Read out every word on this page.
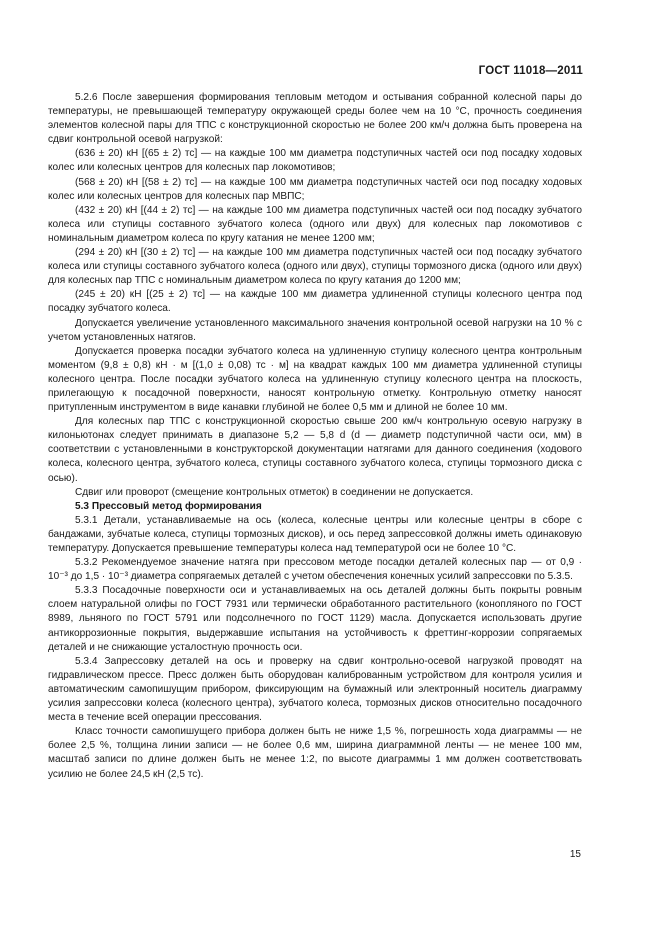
ГОСТ 11018—2011

5.2.6 После завершения формирования тепловым методом и остывания собранной колесной пары до температуры, не превышающей температуру окружающей среды более чем на 10 °C, прочность соединения элементов колесной пары для ТПС с конструкционной скоростью не более 200 км/ч должна быть проверена на сдвиг контрольной осевой нагрузкой:

(636 ± 20) кН [(65 ± 2) тс] — на каждые 100 мм диаметра подступичных частей оси под посадку ходовых колес или колесных центров для колесных пар локомотивов;

(568 ± 20) кН [(58 ± 2) тс] — на каждые 100 мм диаметра подступичных частей оси под посадку ходовых колес или колесных центров для колесных пар МВПС;

(432 ± 20) кН [(44 ± 2) тс] — на каждые 100 мм диаметра подступичных частей оси под посадку зубчатого колеса или ступицы составного зубчатого колеса (одного или двух) для колесных пар локомотивов с номинальным диаметром колеса по кругу катания не менее 1200 мм;

(294 ± 20) кН [(30 ± 2) тс] — на каждые 100 мм диаметра подступичных частей оси под посадку зубчатого колеса или ступицы составного зубчатого колеса (одного или двух), ступицы тормозного диска (одного или двух) для колесных пар ТПС с номинальным диаметром колеса по кругу катания до 1200 мм;

(245 ± 20) кН [(25 ± 2) тс] — на каждые 100 мм диаметра удлиненной ступицы колесного центра под посадку зубчатого колеса.

Допускается увеличение установленного максимального значения контрольной осевой нагрузки на 10 % с учетом установленных натягов.

Допускается проверка посадки зубчатого колеса на удлиненную ступицу колесного центра контрольным моментом (9,8 ± 0,8) кН · м [(1,0 ± 0,08) тс · м] на квадрат каждых 100 мм диаметра удлиненной ступицы колесного центра. После посадки зубчатого колеса на удлиненную ступицу колесного центра на плоскость, прилегающую к посадочной поверхности, наносят контрольную отметку. Контрольную отметку наносят притупленным инструментом в виде канавки глубиной не более 0,5 мм и длиной не более 10 мм.

Для колесных пар ТПС с конструкционной скоростью свыше 200 км/ч контрольную осевую нагрузку в килоньютонах следует принимать в диапазоне 5,2 — 5,8 d (d — диаметр подступичной части оси, мм) в соответствии с установленными в конструкторской документации натягами для данного соединения (ходового колеса, колесного центра, зубчатого колеса, ступицы составного зубчатого колеса, ступицы тормозного диска с осью).

Сдвиг или проворот (смещение контрольных отметок) в соединении не допускается.

5.3 Прессовый метод формирования

5.3.1 Детали, устанавливаемые на ось (колеса, колесные центры или колесные центры в сборе с бандажами, зубчатые колеса, ступицы тормозных дисков), и ось перед запрессовкой должны иметь одинаковую температуру. Допускается превышение температуры колеса над температурой оси не более 10 °С.

5.3.2 Рекомендуемое значение натяга при прессовом методе посадки деталей колесных пар — от 0,9 · 10⁻³ до 1,5 · 10⁻³ диаметра сопрягаемых деталей с учетом обеспечения конечных усилий запрессовки по 5.3.5.

5.3.3 Посадочные поверхности оси и устанавливаемых на ось деталей должны быть покрыты ровным слоем натуральной олифы по ГОСТ 7931 или термически обработанного растительного (конопляного по ГОСТ 8989, льняного по ГОСТ 5791 или подсолнечного по ГОСТ 1129) масла. Допускается использовать другие антикоррозионные покрытия, выдержавшие испытания на устойчивость к фреттинг-коррозии сопрягаемых деталей и не снижающие усталостную прочность оси.

5.3.4 Запрессовку деталей на ось и проверку на сдвиг контрольно-осевой нагрузкой проводят на гидравлическом прессе. Пресс должен быть оборудован калиброванным устройством для контроля усилия и автоматическим самопишущим прибором, фиксирующим на бумажный или электронный носитель диаграмму усилия запрессовки колеса (колесного центра), зубчатого колеса, тормозных дисков относительно посадочного места в течение всей операции прессования.

Класс точности самопишущего прибора должен быть не ниже 1,5 %, погрешность хода диаграммы — не более 2,5 %, толщина линии записи — не более 0,6 мм, ширина диаграммной ленты — не менее 100 мм, масштаб записи по длине должен быть не менее 1:2, по высоте диаграммы 1 мм должен соответствовать усилию не более 24,5 кН (2,5 тс).

15
